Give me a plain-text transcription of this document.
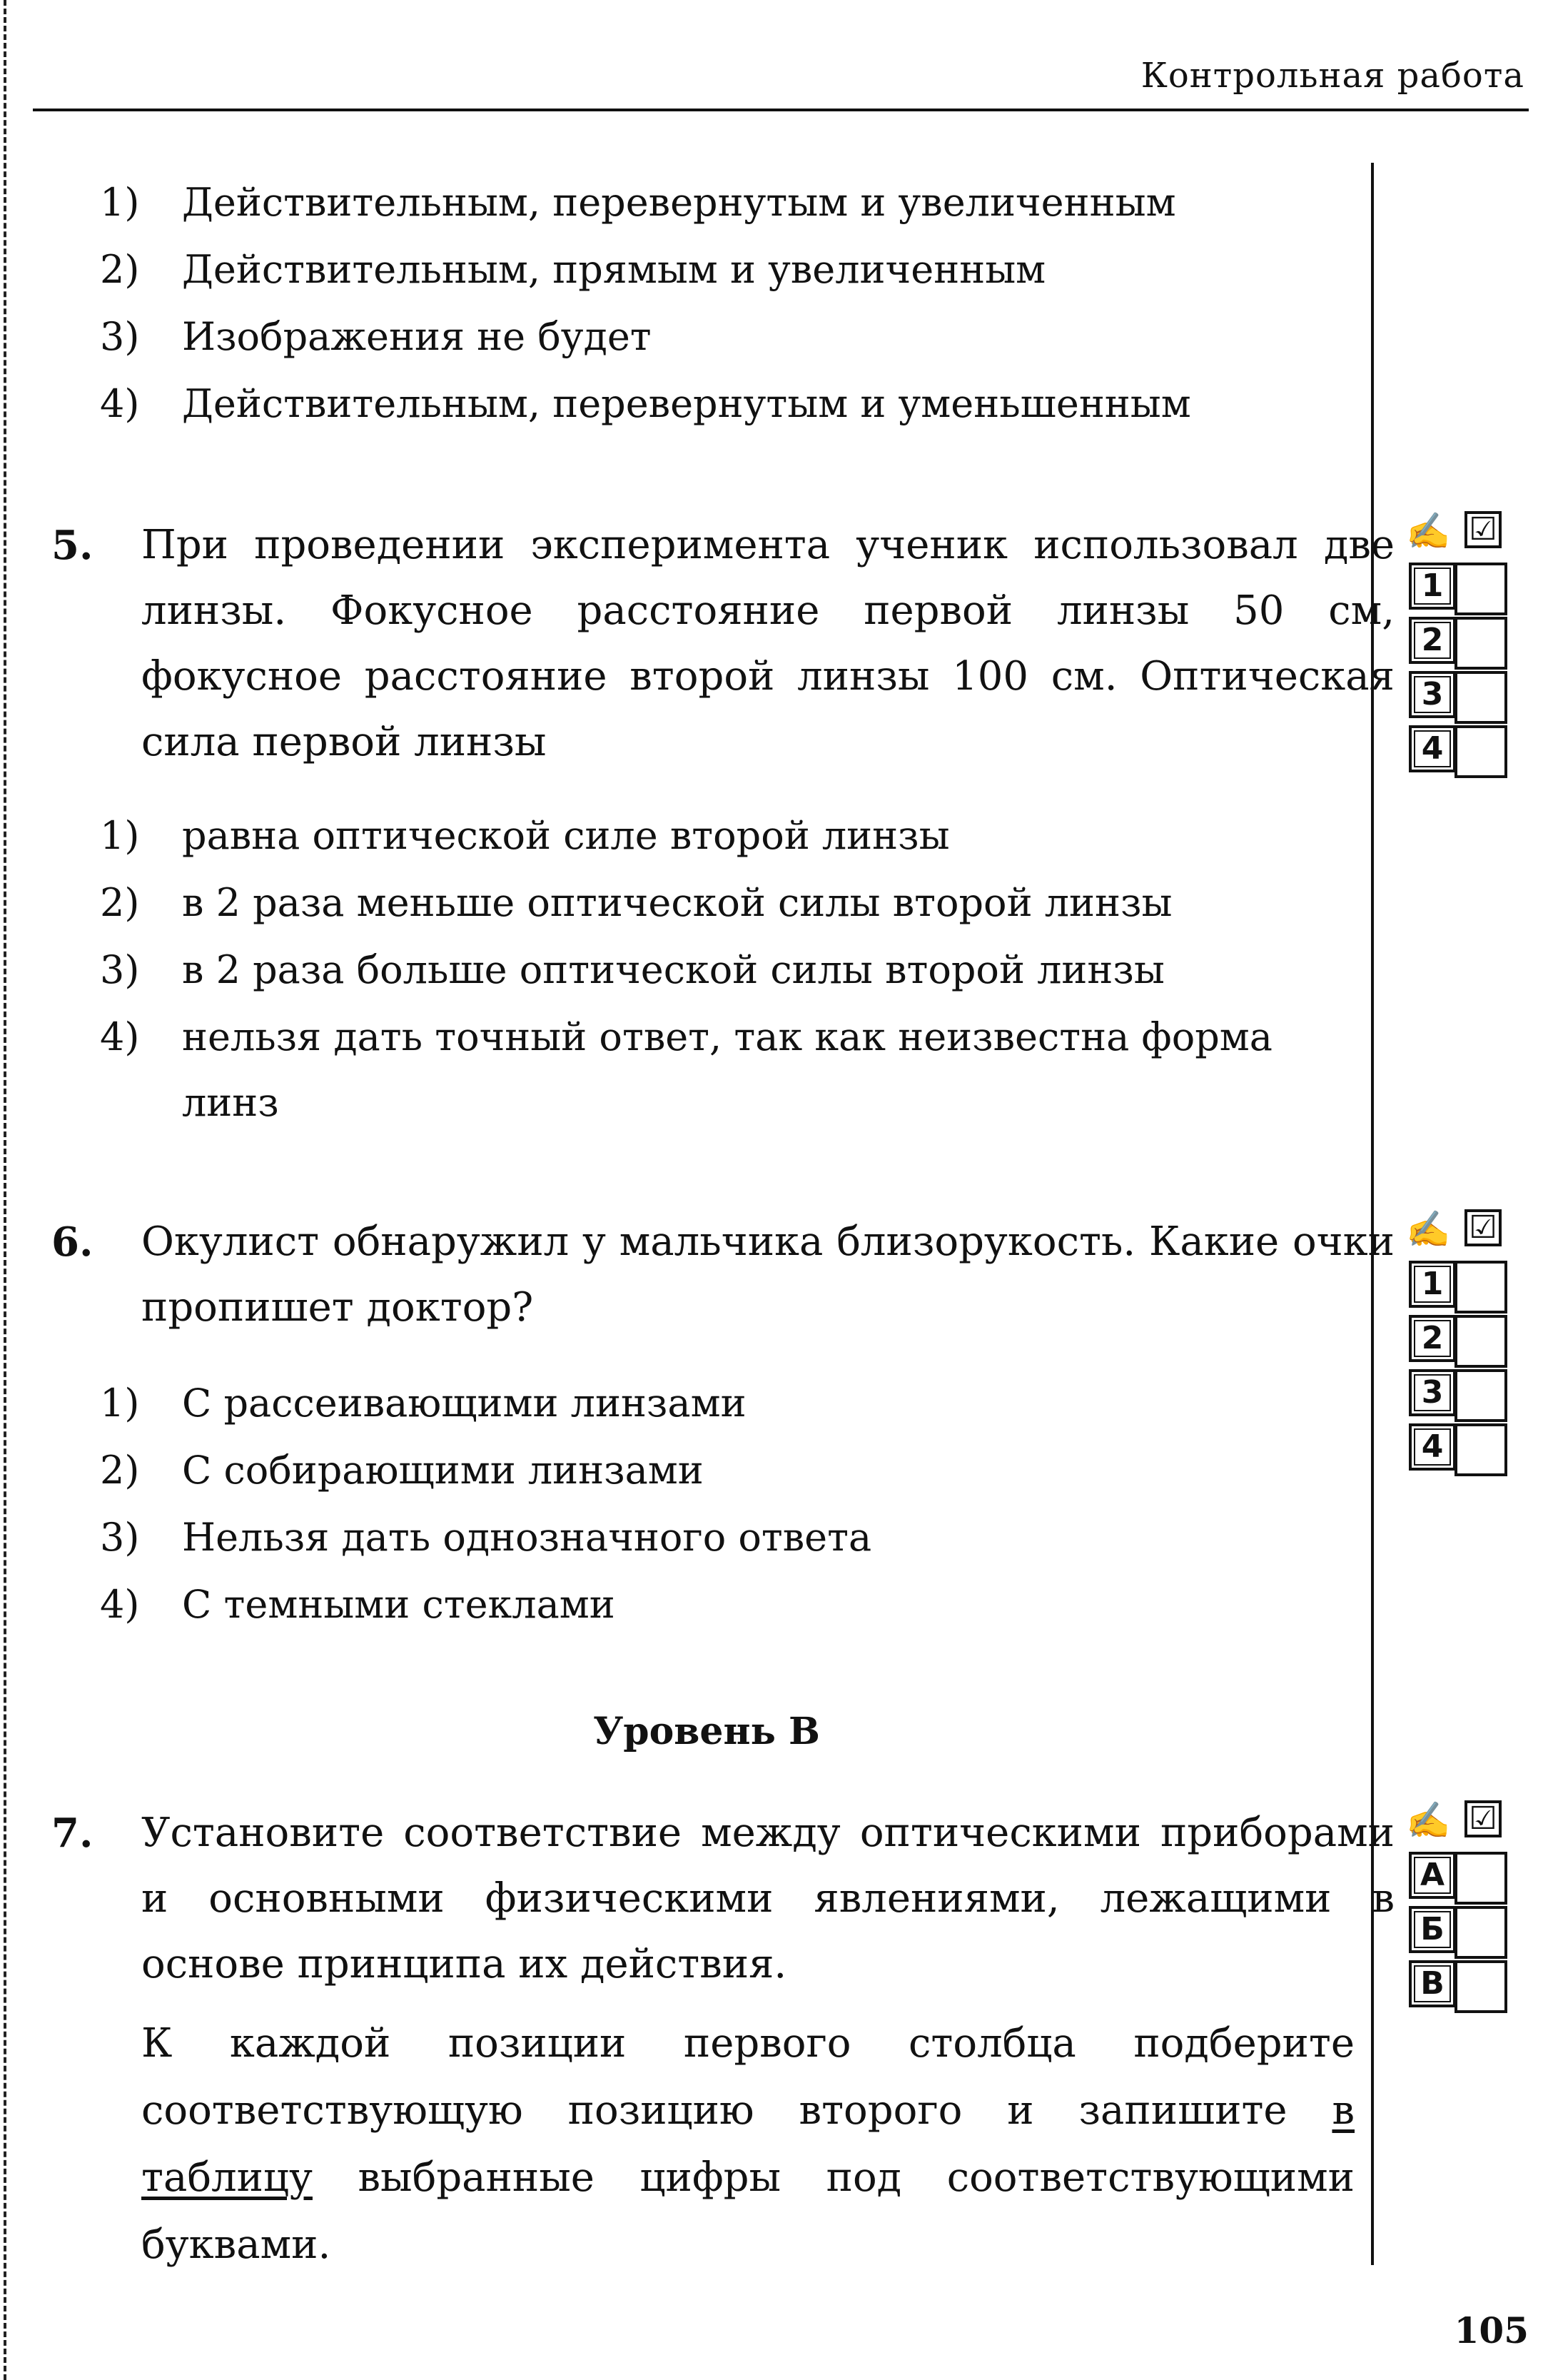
Контрольная работа
1) Действительным, перевернутым и увеличенным
2) Действительным, прямым и увеличенным
3) Изображения не будет
4) Действительным, перевернутым и уменьшенным
5. При проведении эксперимента ученик использовал две линзы. Фокусное расстояние первой линзы 50 см, фокусное расстояние второй линзы 100 см. Оптическая сила первой линзы
1) равна оптической силе второй линзы
2) в 2 раза меньше оптической силы второй линзы
3) в 2 раза больше оптической силы второй линзы
4) нельзя дать точный ответ, так как неизвестна форма
линз
6. Окулист обнаружил у мальчика близорукость. Какие очки пропишет доктор?
1) С рассеивающими линзами
2) С собирающими линзами
3) Нельзя дать однозначного ответа
4) С темными стеклами
Уровень В
7. Установите соответствие между оптическими приборами и основными физическими явлениями, лежащими в основе принципа их действия.
К каждой позиции первого столбца подберите соответствующую позицию второго и запишите в таблицу выбранные цифры под соответствующими буквами.
105
✍ ☑
1
2
3
4
✍ ☑
1
2
3
4
✍ ☑
А
Б
В
